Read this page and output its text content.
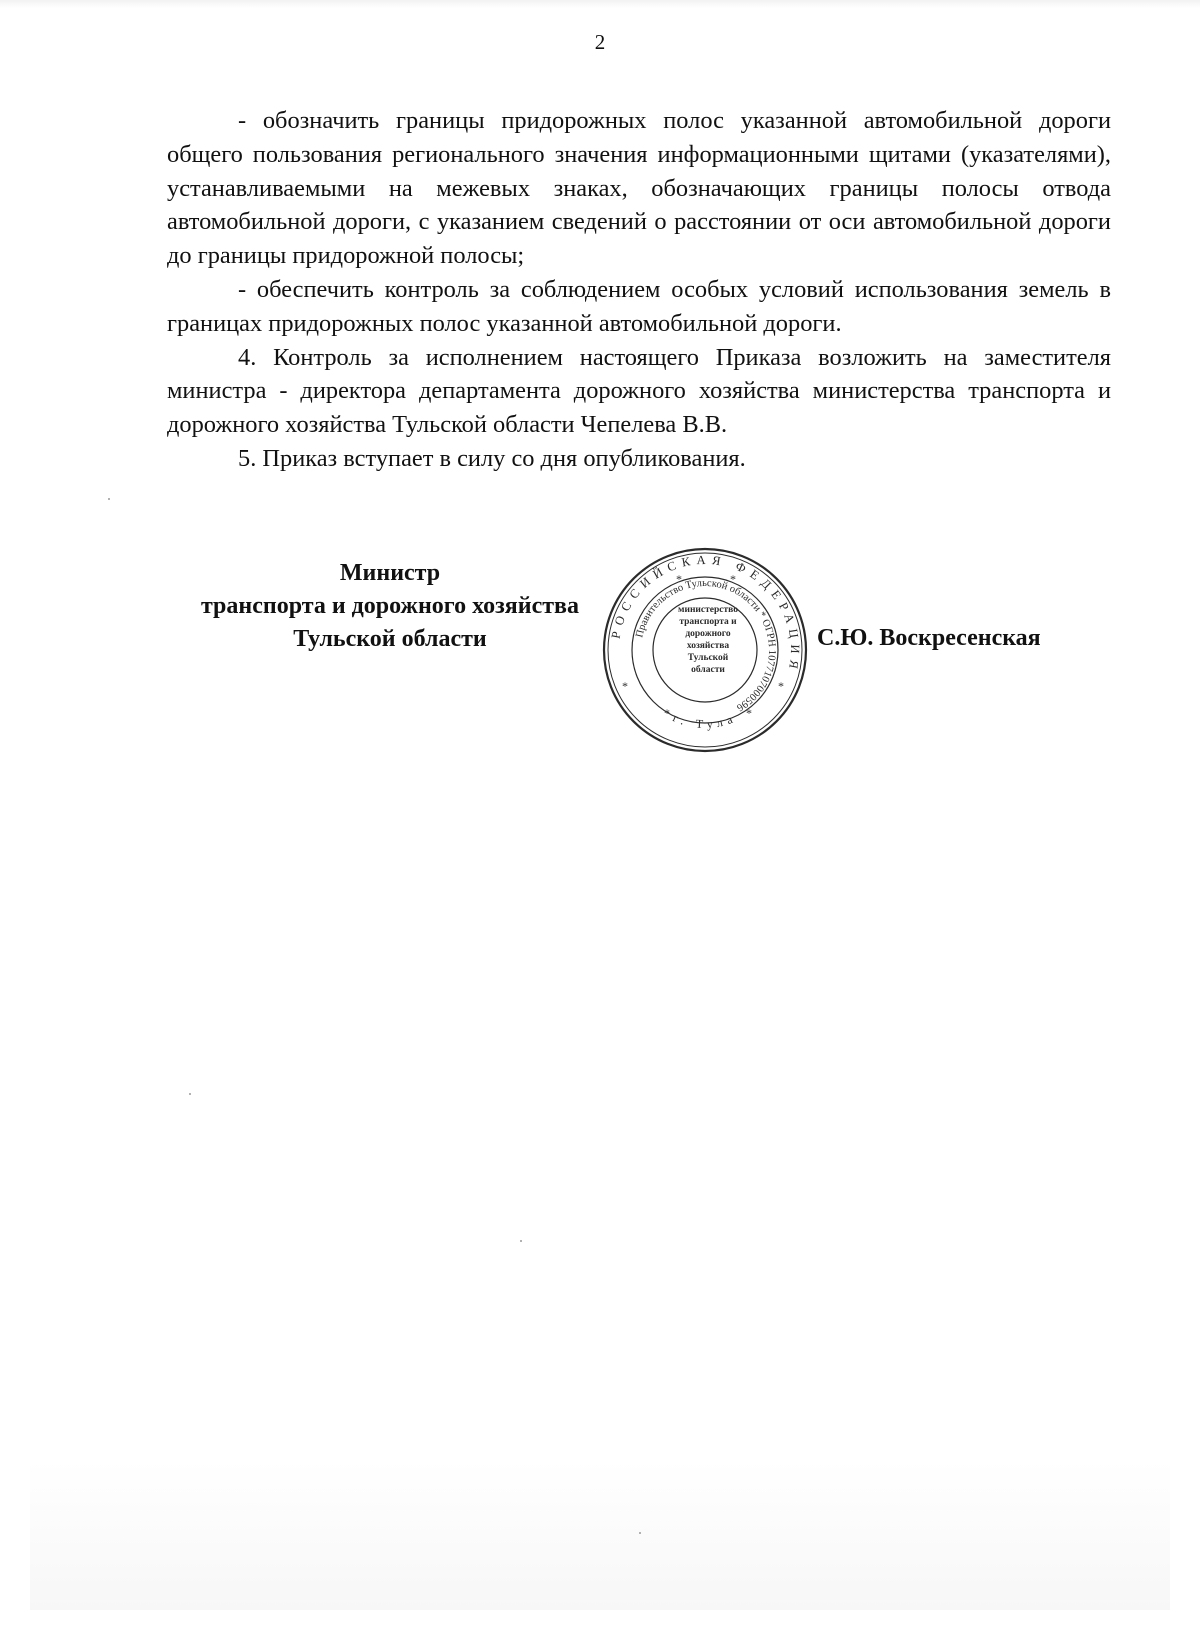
2

- обозначить границы придорожных полос указанной автомобильной дороги общего пользования регионального значения информационными щитами (указателями), устанавливаемыми на межевых знаках, обозначающих границы полосы отвода автомобильной дороги, с указанием сведений о расстоянии от оси автомобильной дороги до границы придорожной полосы;

- обеспечить контроль за соблюдением особых условий использования земель в границах придорожных полос указанной автомобильной дороги.

4. Контроль за исполнением настоящего Приказа возложить на заместителя министра - директора департамента дорожного хозяйства министерства транспорта и дорожного хозяйства Тульской области Чепелева В.В.

5. Приказ вступает в силу со дня опубликования.

Министр
транспорта и дорожного хозяйства
Тульской области	РОССИЙСКАЯ ФЕДЕРАЦИЯ
г. Тула
Правительство Тульской области * ОГРН 1077107000596
министерство
транспорта и
дорожного
хозяйства
Тульской
области
*	*
*	*
*	*
С.Ю. Воскресенская
